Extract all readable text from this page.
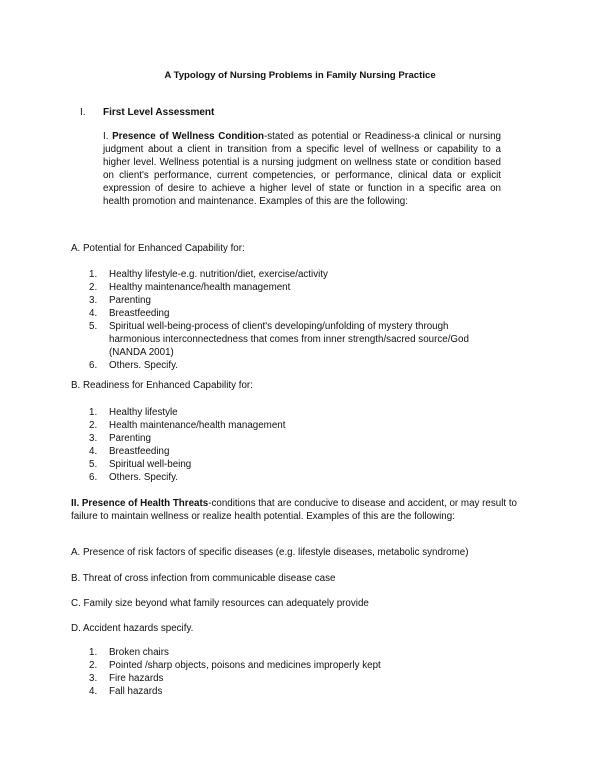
A Typology of Nursing Problems in Family Nursing Practice
I. First Level Assessment
I. Presence of Wellness Condition-stated as potential or Readiness-a clinical or nursing judgment about a client in transition from a specific level of wellness or capability to a higher level. Wellness potential is a nursing judgment on wellness state or condition based on client's performance, current competencies, or performance, clinical data or explicit expression of desire to achieve a higher level of state or function in a specific area on health promotion and maintenance. Examples of this are the following:
A. Potential for Enhanced Capability for:
1. Healthy lifestyle-e.g. nutrition/diet, exercise/activity
2. Healthy maintenance/health management
3. Parenting
4. Breastfeeding
5. Spiritual well-being-process of client's developing/unfolding of mystery through harmonious interconnectedness that comes from inner strength/sacred source/God (NANDA 2001)
6. Others. Specify.
B. Readiness for Enhanced Capability for:
1. Healthy lifestyle
2. Health maintenance/health management
3. Parenting
4. Breastfeeding
5. Spiritual well-being
6. Others. Specify.
II. Presence of Health Threats-conditions that are conducive to disease and accident, or may result to failure to maintain wellness or realize health potential. Examples of this are the following:
A. Presence of risk factors of specific diseases (e.g. lifestyle diseases, metabolic syndrome)
B. Threat of cross infection from communicable disease case
C. Family size beyond what family resources can adequately provide
D. Accident hazards specify.
1. Broken chairs
2. Pointed /sharp objects, poisons and medicines improperly kept
3. Fire hazards
4. Fall hazards
